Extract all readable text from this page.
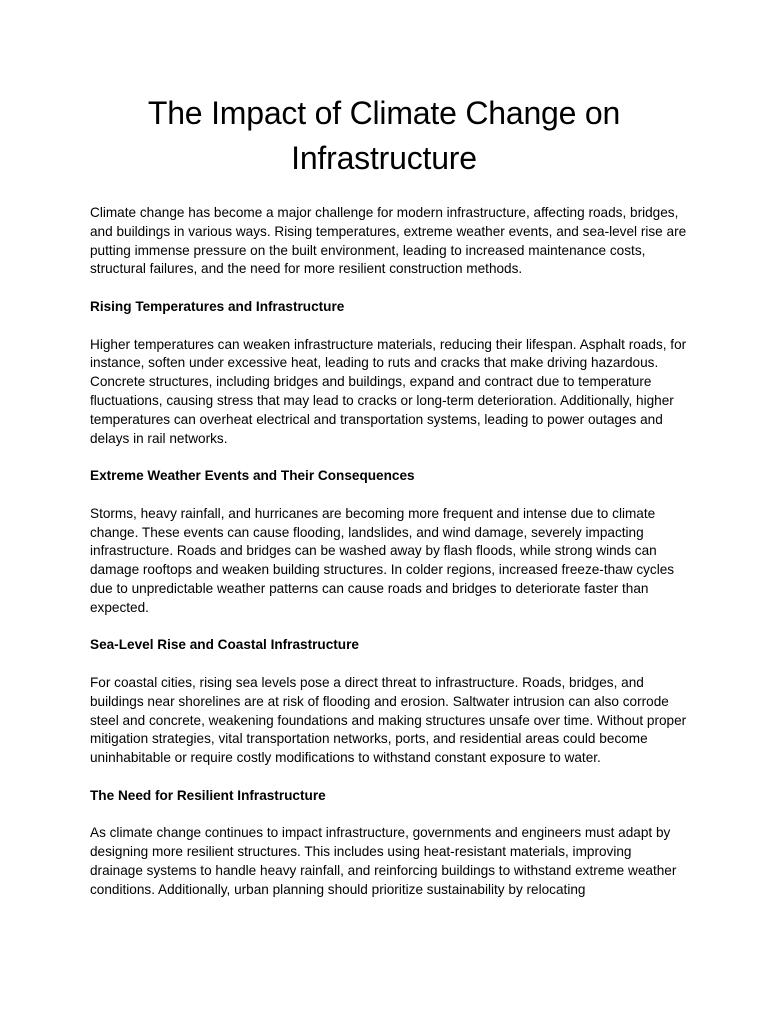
The Impact of Climate Change on Infrastructure

Climate change has become a major challenge for modern infrastructure, affecting roads, bridges, and buildings in various ways. Rising temperatures, extreme weather events, and sea-level rise are putting immense pressure on the built environment, leading to increased maintenance costs, structural failures, and the need for more resilient construction methods.

Rising Temperatures and Infrastructure

Higher temperatures can weaken infrastructure materials, reducing their lifespan. Asphalt roads, for instance, soften under excessive heat, leading to ruts and cracks that make driving hazardous. Concrete structures, including bridges and buildings, expand and contract due to temperature fluctuations, causing stress that may lead to cracks or long-term deterioration. Additionally, higher temperatures can overheat electrical and transportation systems, leading to power outages and delays in rail networks.

Extreme Weather Events and Their Consequences

Storms, heavy rainfall, and hurricanes are becoming more frequent and intense due to climate change. These events can cause flooding, landslides, and wind damage, severely impacting infrastructure. Roads and bridges can be washed away by flash floods, while strong winds can damage rooftops and weaken building structures. In colder regions, increased freeze-thaw cycles due to unpredictable weather patterns can cause roads and bridges to deteriorate faster than expected.

Sea-Level Rise and Coastal Infrastructure

For coastal cities, rising sea levels pose a direct threat to infrastructure. Roads, bridges, and buildings near shorelines are at risk of flooding and erosion. Saltwater intrusion can also corrode steel and concrete, weakening foundations and making structures unsafe over time. Without proper mitigation strategies, vital transportation networks, ports, and residential areas could become uninhabitable or require costly modifications to withstand constant exposure to water.

The Need for Resilient Infrastructure

As climate change continues to impact infrastructure, governments and engineers must adapt by designing more resilient structures. This includes using heat-resistant materials, improving drainage systems to handle heavy rainfall, and reinforcing buildings to withstand extreme weather conditions. Additionally, urban planning should prioritize sustainability by relocating
